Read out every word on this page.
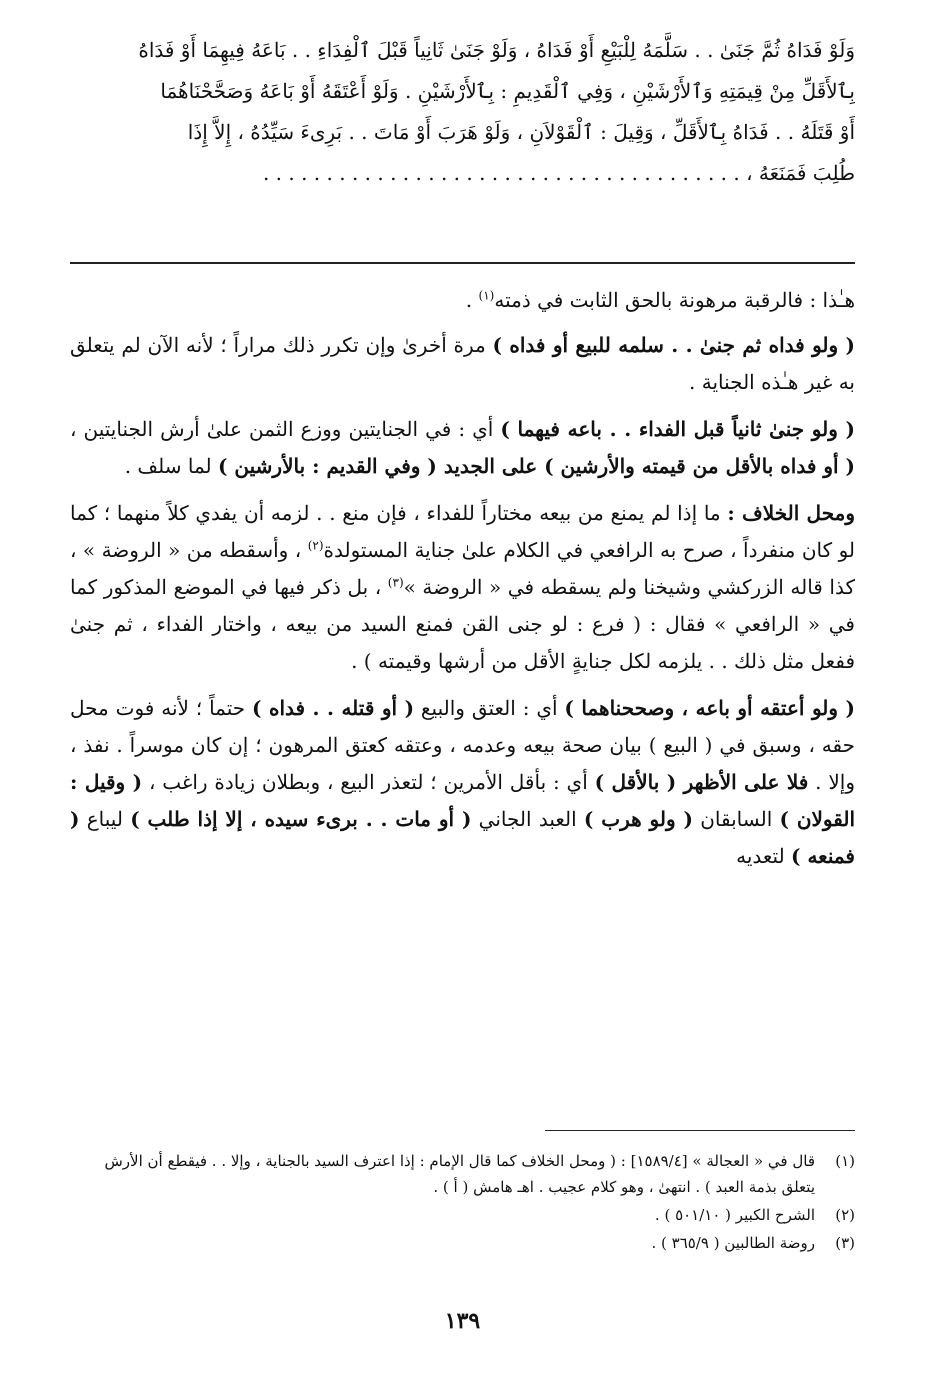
وَلَوْ فَدَاهُ ثُمَّ جَنَىٰ . . سَلَّمَهُ لِلْبَيْعِ أَوْ فَدَاهُ ، وَلَوْ جَنَىٰ ثَانِياً قَبْلَ ٱلْفِدَاءِ . . بَاعَهُ فِيهِمَا أَوْ فَدَاهُ
بِٱلأَقَلِّ مِنْ قِيمَتِهِ وَٱلأَرْشَيْنِ ، وَفِي ٱلْقَدِيمِ : بِٱلأَرْشَيْنِ . وَلَوْ أَعْتَقَهُ أَوْ بَاعَهُ وَصَحَّحْنَاهُمَا
أَوْ قَتَلَهُ . . فَدَاهُ بِٱلأَقَلِّ ، وَقِيلَ : ٱلْقَوْلاَنِ ، وَلَوْ هَرَبَ أَوْ مَاتَ . . بَرِىءَ سَيِّدُهُ ، إِلاَّ إِذَا
طُلِبَ فَمَنَعَهُ ، . . . . . . . . . . . . . . . . . . . . . . . . . . . . . . . . . . . . . .

هـٰذا : فالرقبة مرهونة بالحق الثابت في ذمته$^{(١)}$ .

( ولو فداه ثم جنىٰ . . سلمه للبيع أو فداه ) مرة أخرىٰ وإن تكرر ذلك مراراً ؛ لأنه الآن لم يتعلق به غير هـٰذه الجناية .

( ولو جنىٰ ثانياً قبل الفداء . . باعه فيهما ) أي : في الجنايتين ووزع الثمن علىٰ أرش الجنايتين ، ( أو فداه بالأقل من قيمته والأرشين ) على الجديد ( وفي القديم : بالأرشين ) لما سلف .

ومحل الخلاف : ما إذا لم يمنع من بيعه مختاراً للفداء ، فإن منع . . لزمه أن يفدي كلاً منهما ؛ كما لو كان منفرداً ، صرح به الرافعي في الكلام علىٰ جناية المستولدة$^{(٢)}$ ، وأسقطه من « الروضة » ، كذا قاله الزركشي وشيخنا ولم يسقطه في « الروضة »$^{(٣)}$ ، بل ذكر فيها في الموضع المذكور كما في « الرافعي » فقال : ( فرع : لو جنى القن فمنع السيد من بيعه ، واختار الفداء ، ثم جنىٰ ففعل مثل ذلك . . يلزمه لكل جنايةٍ الأقل من أرشها وقيمته ) .

( ولو أعتقه أو باعه ، وصححناهما ) أي : العتق والبيع ( أو قتله . . فداه ) حتماً ؛ لأنه فوت محل حقه ، وسبق في ( البيع ) بيان صحة بيعه وعدمه ، وعتقه كعتق المرهون ؛ إن كان موسراً . نفذ ، وإلا . فلا على الأظهر ( بالأقل ) أي : بأقل الأمرين ؛ لتعذر البيع ، وبطلان زيادة راغب ، ( وقيل : القولان ) السابقان ( ولو هرب ) العبد الجاني ( أو مات . . برىء سيده ، إلا إذا طلب ) ليباع ( فمنعه ) لتعديه

(١)
قال في « العجالة » [١٥٨٩/٤] : ( ومحل الخلاف كما قال الإمام : إذا اعترف السيد بالجناية ، وإلا . . فيقطع أن الأرش يتعلق بذمة العبد ) . انتهىٰ ، وهو كلام عجيب . اهـ هامش ( أ ) .
(٢)
الشرح الكبير ( ٥٠١/١٠ ) .
(٣)
روضة الطالبين ( ٣٦٥/٩ ) .
١٣٩
